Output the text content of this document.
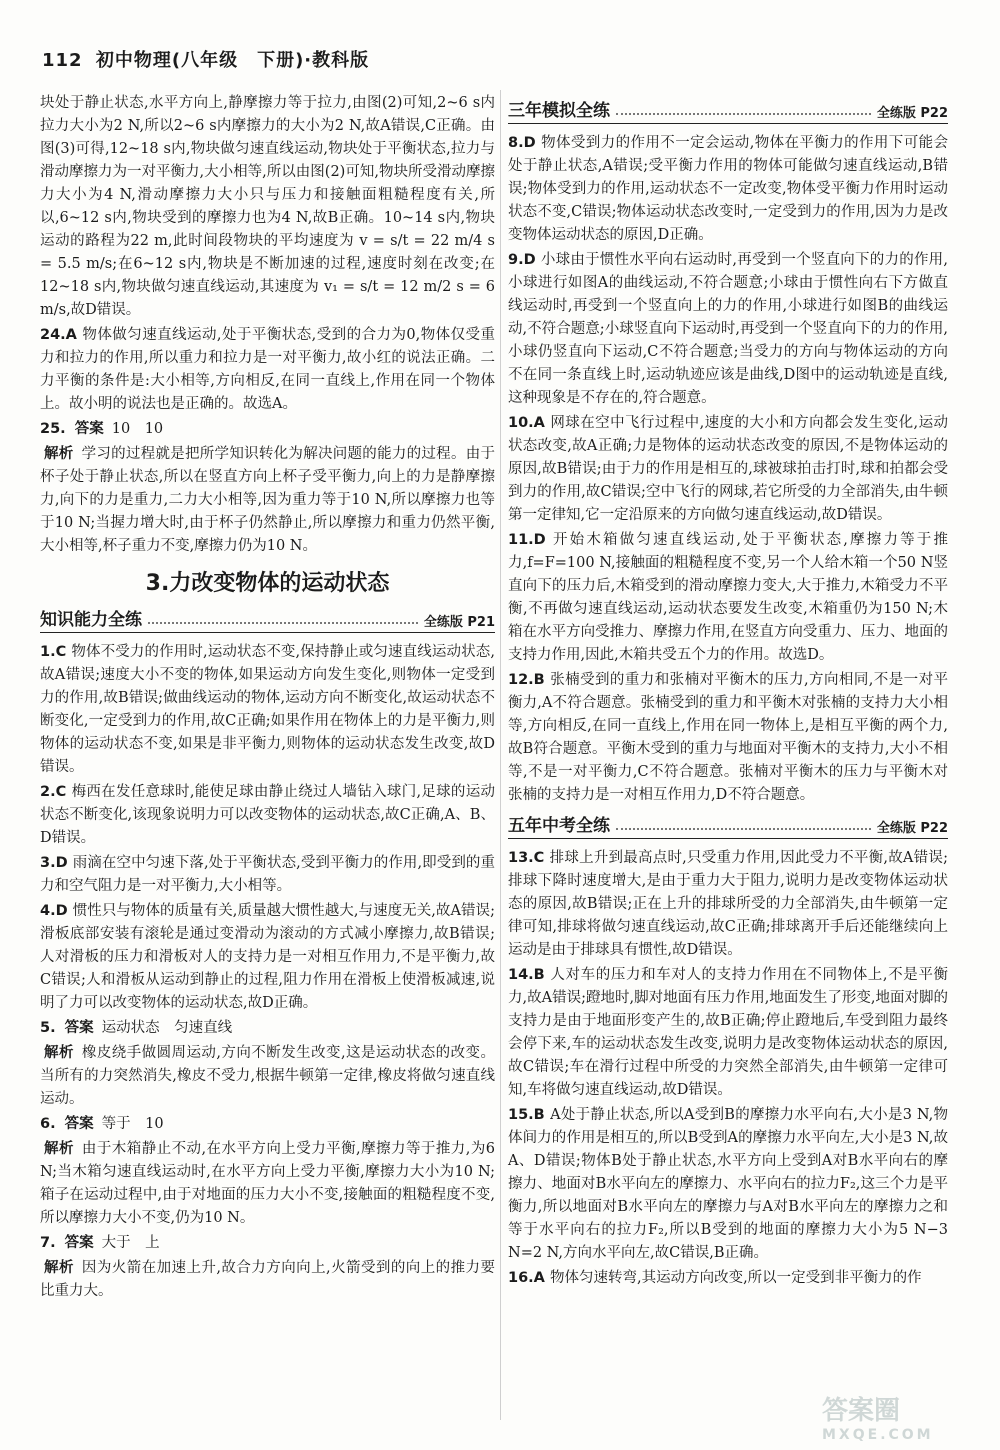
112 初中物理(八年级　下册)·教科版

块处于静止状态,水平方向上,静摩擦力等于拉力,由图(2)可知,2~6 s内拉力大小为2 N,所以2~6 s内摩擦力的大小为2 N,故A错误,C正确。由图(3)可得,12~18 s内,物块做匀速直线运动,物块处于平衡状态,拉力与滑动摩擦力为一对平衡力,大小相等,所以由图(2)可知,物块所受滑动摩擦力大小为4 N,滑动摩擦力大小只与压力和接触面粗糙程度有关,所以,6~12 s内,物块受到的摩擦力也为4 N,故B正确。10~14 s内,物块运动的路程为22 m,此时间段物块的平均速度为 v = s/t = 22 m/4 s = 5.5 m/s;在6~12 s内,物块是不断加速的过程,速度时刻在改变;在12~18 s内,物块做匀速直线运动,其速度为 v₁ = s/t = 12 m/2 s = 6 m/s,故D错误。

24.A 物体做匀速直线运动,处于平衡状态,受到的合力为0,物体仅受重力和拉力的作用,所以重力和拉力是一对平衡力,故小红的说法正确。二力平衡的条件是:大小相等,方向相反,在同一直线上,作用在同一个物体上。故小明的说法也是正确的。故选A。

25. 答案 10　10

解析 学习的过程就是把所学知识转化为解决问题的能力的过程。由于杯子处于静止状态,所以在竖直方向上杯子受平衡力,向上的力是静摩擦力,向下的力是重力,二力大小相等,因为重力等于10 N,所以摩擦力也等于10 N;当握力增大时,由于杯子仍然静止,所以摩擦力和重力仍然平衡,大小相等,杯子重力不变,摩擦力仍为10 N。

3.力改变物体的运动状态
知识能力全练	全练版 P21

1.C 物体不受力的作用时,运动状态不变,保持静止或匀速直线运动状态,故A错误;速度大小不变的物体,如果运动方向发生变化,则物体一定受到力的作用,故B错误;做曲线运动的物体,运动方向不断变化,故运动状态不断变化,一定受到力的作用,故C正确;如果作用在物体上的力是平衡力,则物体的运动状态不变,如果是非平衡力,则物体的运动状态发生改变,故D错误。

2.C 梅西在发任意球时,能使足球由静止绕过人墙钻入球门,足球的运动状态不断变化,该现象说明力可以改变物体的运动状态,故C正确,A、B、D错误。

3.D 雨滴在空中匀速下落,处于平衡状态,受到平衡力的作用,即受到的重力和空气阻力是一对平衡力,大小相等。

4.D 惯性只与物体的质量有关,质量越大惯性越大,与速度无关,故A错误;滑板底部安装有滚轮是通过变滑动为滚动的方式减小摩擦力,故B错误;人对滑板的压力和滑板对人的支持力是一对相互作用力,不是平衡力,故C错误;人和滑板从运动到静止的过程,阻力作用在滑板上使滑板减速,说明了力可以改变物体的运动状态,故D正确。

5. 答案 运动状态　匀速直线

解析 橡皮绕手做圆周运动,方向不断发生改变,这是运动状态的改变。当所有的力突然消失,橡皮不受力,根据牛顿第一定律,橡皮将做匀速直线运动。

6. 答案 等于　10

解析 由于木箱静止不动,在水平方向上受力平衡,摩擦力等于推力,为6 N;当木箱匀速直线运动时,在水平方向上受力平衡,摩擦力大小为10 N;箱子在运动过程中,由于对地面的压力大小不变,接触面的粗糙程度不变,所以摩擦力大小不变,仍为10 N。

7. 答案 大于　上

解析 因为火箭在加速上升,故合力方向向上,火箭受到的向上的推力要比重力大。

三年模拟全练	全练版 P22

8.D 物体受到力的作用不一定会运动,物体在平衡力的作用下可能会处于静止状态,A错误;受平衡力作用的物体可能做匀速直线运动,B错误;物体受到力的作用,运动状态不一定改变,物体受平衡力作用时运动状态不变,C错误;物体运动状态改变时,一定受到力的作用,因为力是改变物体运动状态的原因,D正确。

9.D 小球由于惯性水平向右运动时,再受到一个竖直向下的力的作用,小球进行如图A的曲线运动,不符合题意;小球由于惯性向右下方做直线运动时,再受到一个竖直向上的力的作用,小球进行如图B的曲线运动,不符合题意;小球竖直向下运动时,再受到一个竖直向下的力的作用,小球仍竖直向下运动,C不符合题意;当受力的方向与物体运动的方向不在同一条直线上时,运动轨迹应该是曲线,D图中的运动轨迹是直线,这种现象是不存在的,符合题意。

10.A 网球在空中飞行过程中,速度的大小和方向都会发生变化,运动状态改变,故A正确;力是物体的运动状态改变的原因,不是物体运动的原因,故B错误;由于力的作用是相互的,球被球拍击打时,球和拍都会受到力的作用,故C错误;空中飞行的网球,若它所受的力全部消失,由牛顿第一定律知,它一定沿原来的方向做匀速直线运动,故D错误。

11.D 开始木箱做匀速直线运动,处于平衡状态,摩擦力等于推力,f=F=100 N,接触面的粗糙程度不变,另一个人给木箱一个50 N竖直向下的压力后,木箱受到的滑动摩擦力变大,大于推力,木箱受力不平衡,不再做匀速直线运动,运动状态要发生改变,木箱重仍为150 N;木箱在水平方向受推力、摩擦力作用,在竖直方向受重力、压力、地面的支持力作用,因此,木箱共受五个力的作用。故选D。

12.B 张楠受到的重力和张楠对平衡木的压力,方向相同,不是一对平衡力,A不符合题意。张楠受到的重力和平衡木对张楠的支持力大小相等,方向相反,在同一直线上,作用在同一物体上,是相互平衡的两个力,故B符合题意。平衡木受到的重力与地面对平衡木的支持力,大小不相等,不是一对平衡力,C不符合题意。张楠对平衡木的压力与平衡木对张楠的支持力是一对相互作用力,D不符合题意。

五年中考全练	全练版 P22

13.C 排球上升到最高点时,只受重力作用,因此受力不平衡,故A错误;排球下降时速度增大,是由于重力大于阻力,说明力是改变物体运动状态的原因,故B错误;正在上升的排球所受的力全部消失,由牛顿第一定律可知,排球将做匀速直线运动,故C正确;排球离开手后还能继续向上运动是由于排球具有惯性,故D错误。

14.B 人对车的压力和车对人的支持力作用在不同物体上,不是平衡力,故A错误;蹬地时,脚对地面有压力作用,地面发生了形变,地面对脚的支持力是由于地面形变产生的,故B正确;停止蹬地后,车受到阻力最终会停下来,车的运动状态发生改变,说明力是改变物体运动状态的原因,故C错误;车在滑行过程中所受的力突然全部消失,由牛顿第一定律可知,车将做匀速直线运动,故D错误。

15.B A处于静止状态,所以A受到B的摩擦力水平向右,大小是3 N,物体间力的作用是相互的,所以B受到A的摩擦力水平向左,大小是3 N,故A、D错误;物体B处于静止状态,水平方向上受到A对B水平向右的摩擦力、地面对B水平向左的摩擦力、水平向右的拉力F₂,这三个力是平衡力,所以地面对B水平向左的摩擦力与A对B水平向左的摩擦力之和等于水平向右的拉力F₂,所以B受到的地面的摩擦力大小为5 N−3 N=2 N,方向水平向左,故C错误,B正确。

16.A 物体匀速转弯,其运动方向改变,所以一定受到非平衡力的作

答案圈
MXQE.COM
